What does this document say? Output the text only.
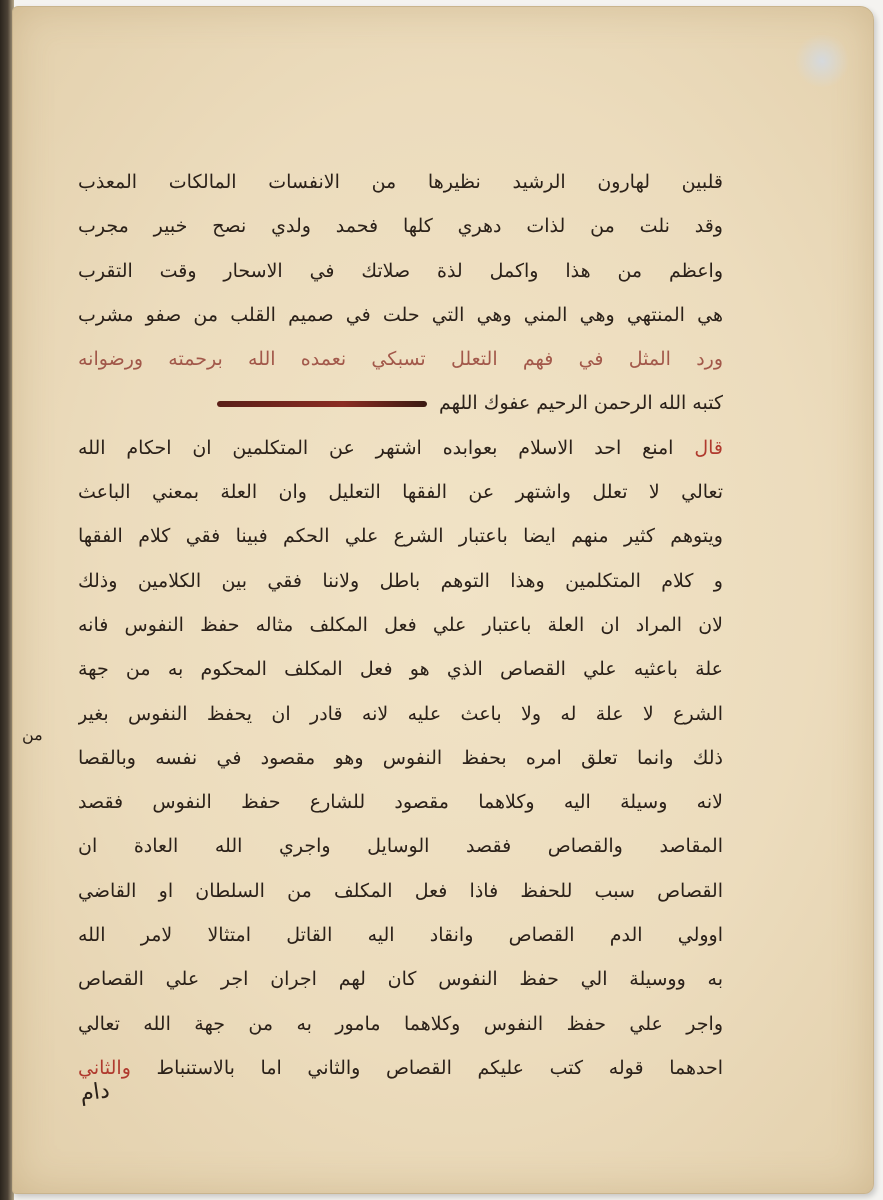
قلبين لهارون الرشيد نظيرها من الانفسات المالكات المعذب
وقد نلت من لذات دهري كلها فحمد ولدي نصح خبير مجرب
واعظم من هذا واكمل لذة صلاتك في الاسحار وقت التقرب
هي المنتهي وهي المني وهي التي حلت في صميم القلب من صفو مشرب
ورد المثل في فهم التعلل تسبكي نعمده الله برحمته ورضوانه
كتبه الله الرحمن الرحيم عفوك اللهم
قال امنع احد الاسلام بعوابده اشتهر عن المتكلمين ان احكام الله
تعالي لا تعلل واشتهر عن الفقها التعليل وان العلة بمعني الباعث
ويتوهم كثير منهم ايضا باعتبار الشرع علي الحكم فبينا فقي كلام الفقها
و كلام المتكلمين وهذا التوهم باطل ولاننا فقي بين الكلامين وذلك
لان المراد ان العلة باعتبار علي فعل المكلف مثاله حفظ النفوس فانه
علة باعثيه علي القصاص الذي هو فعل المكلف المحكوم به من جهة
الشرع لا علة له ولا باعث عليه لانه قادر ان يحفظ النفوس بغير
ذلك وانما تعلق امره بحفظ النفوس وهو مقصود في نفسه وبالقصا
لانه وسيلة اليه وكلاهما مقصود للشارع حفظ النفوس فقصد
المقاصد والقصاص فقصد الوسايل واجري الله العادة ان
القصاص سبب للحفظ فاذا فعل المكلف من السلطان او القاضي
اوولي الدم القصاص وانقاد اليه القاتل امتثالا لامر الله
به ووسيلة الي حفظ النفوس كان لهم اجران اجر علي القصاص
واجر علي حفظ النفوس وكلاهما مامور به من جهة الله تعالي
احدهما قوله كتب عليكم القصاص والثاني اما بالاستنباط والثاني
من
دام
